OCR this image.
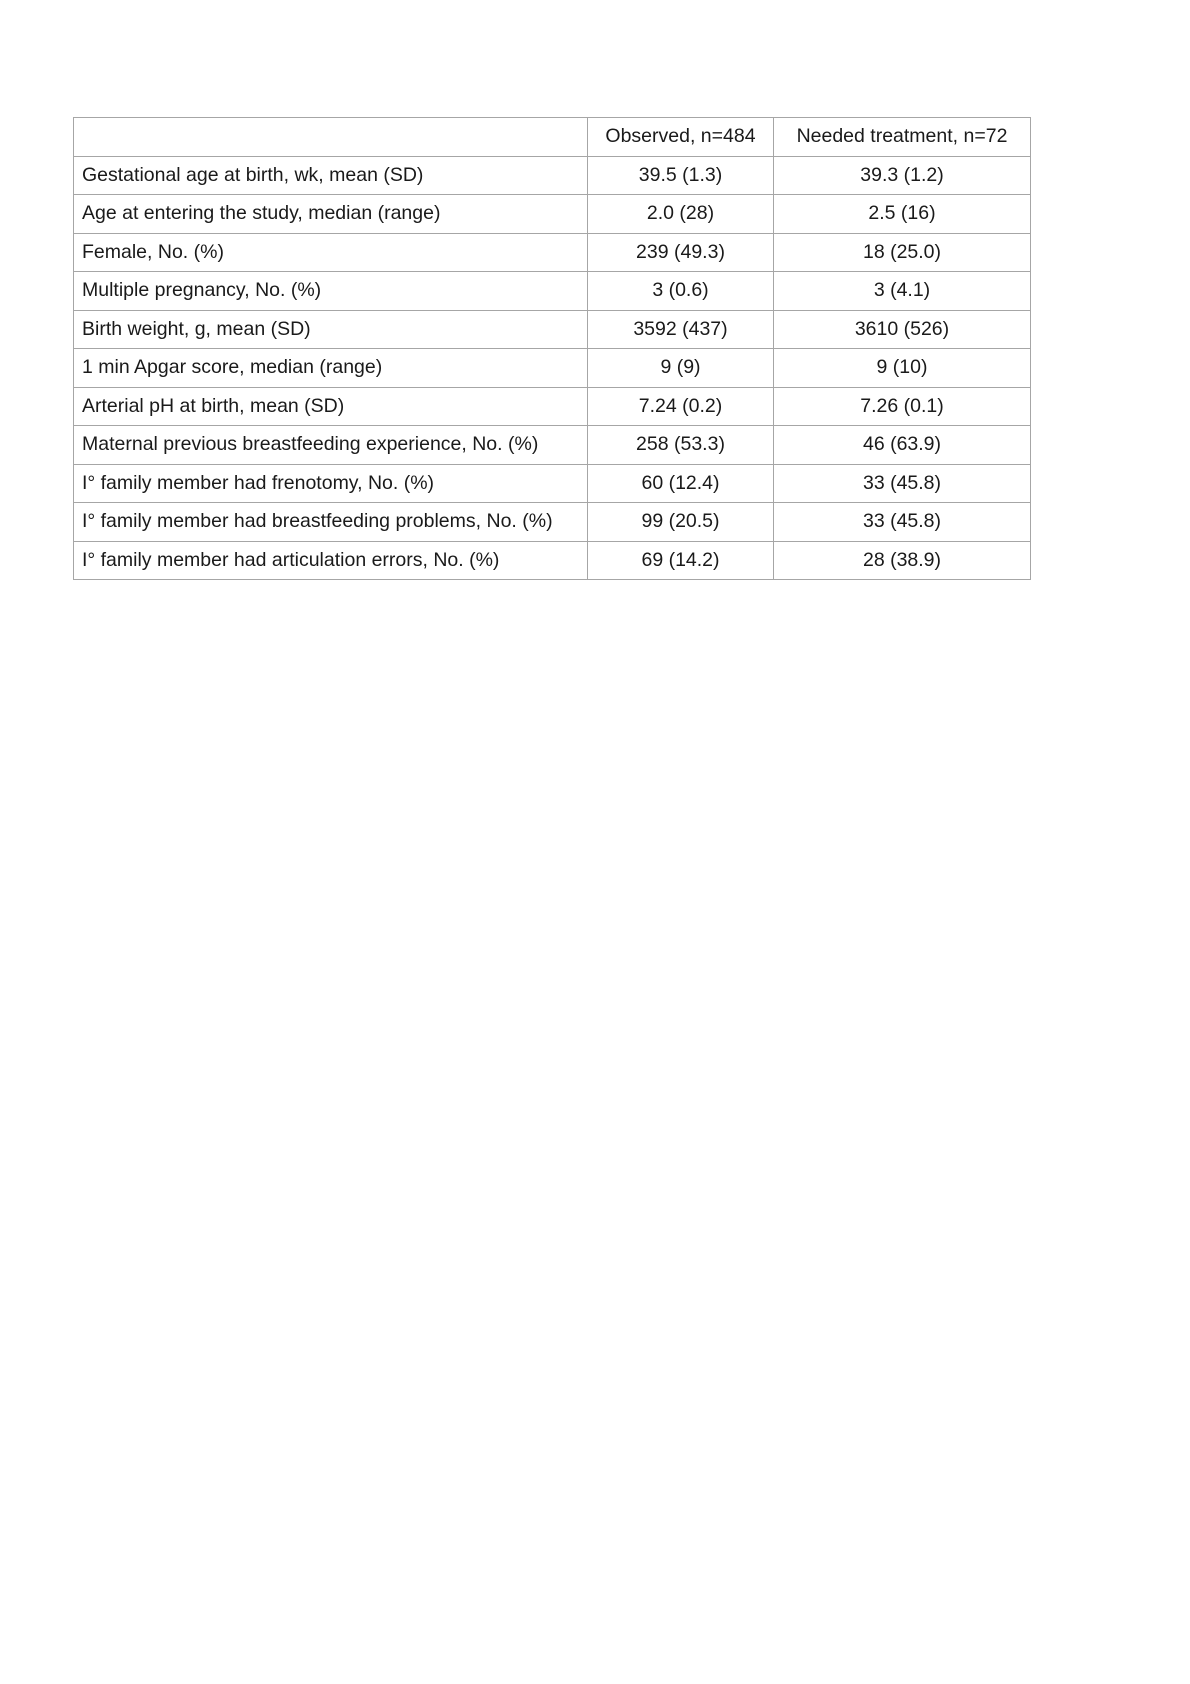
	Observed, n=484	Needed treatment, n=72
Gestational age at birth, wk, mean (SD)	39.5 (1.3)	39.3 (1.2)
Age at entering the study, median (range)	2.0 (28)	2.5 (16)
Female, No. (%)	239 (49.3)	18 (25.0)
Multiple pregnancy, No. (%)	3 (0.6)	3 (4.1)
Birth weight, g, mean (SD)	3592 (437)	3610 (526)
1 min Apgar score, median (range)	9 (9)	9 (10)
Arterial pH at birth, mean (SD)	7.24 (0.2)	7.26 (0.1)
Maternal previous breastfeeding experience, No. (%)	258 (53.3)	46 (63.9)
I° family member had frenotomy, No. (%)	60 (12.4)	33 (45.8)
I° family member had breastfeeding problems, No. (%)	99 (20.5)	33 (45.8)
I° family member had articulation errors, No. (%)	69 (14.2)	28 (38.9)
